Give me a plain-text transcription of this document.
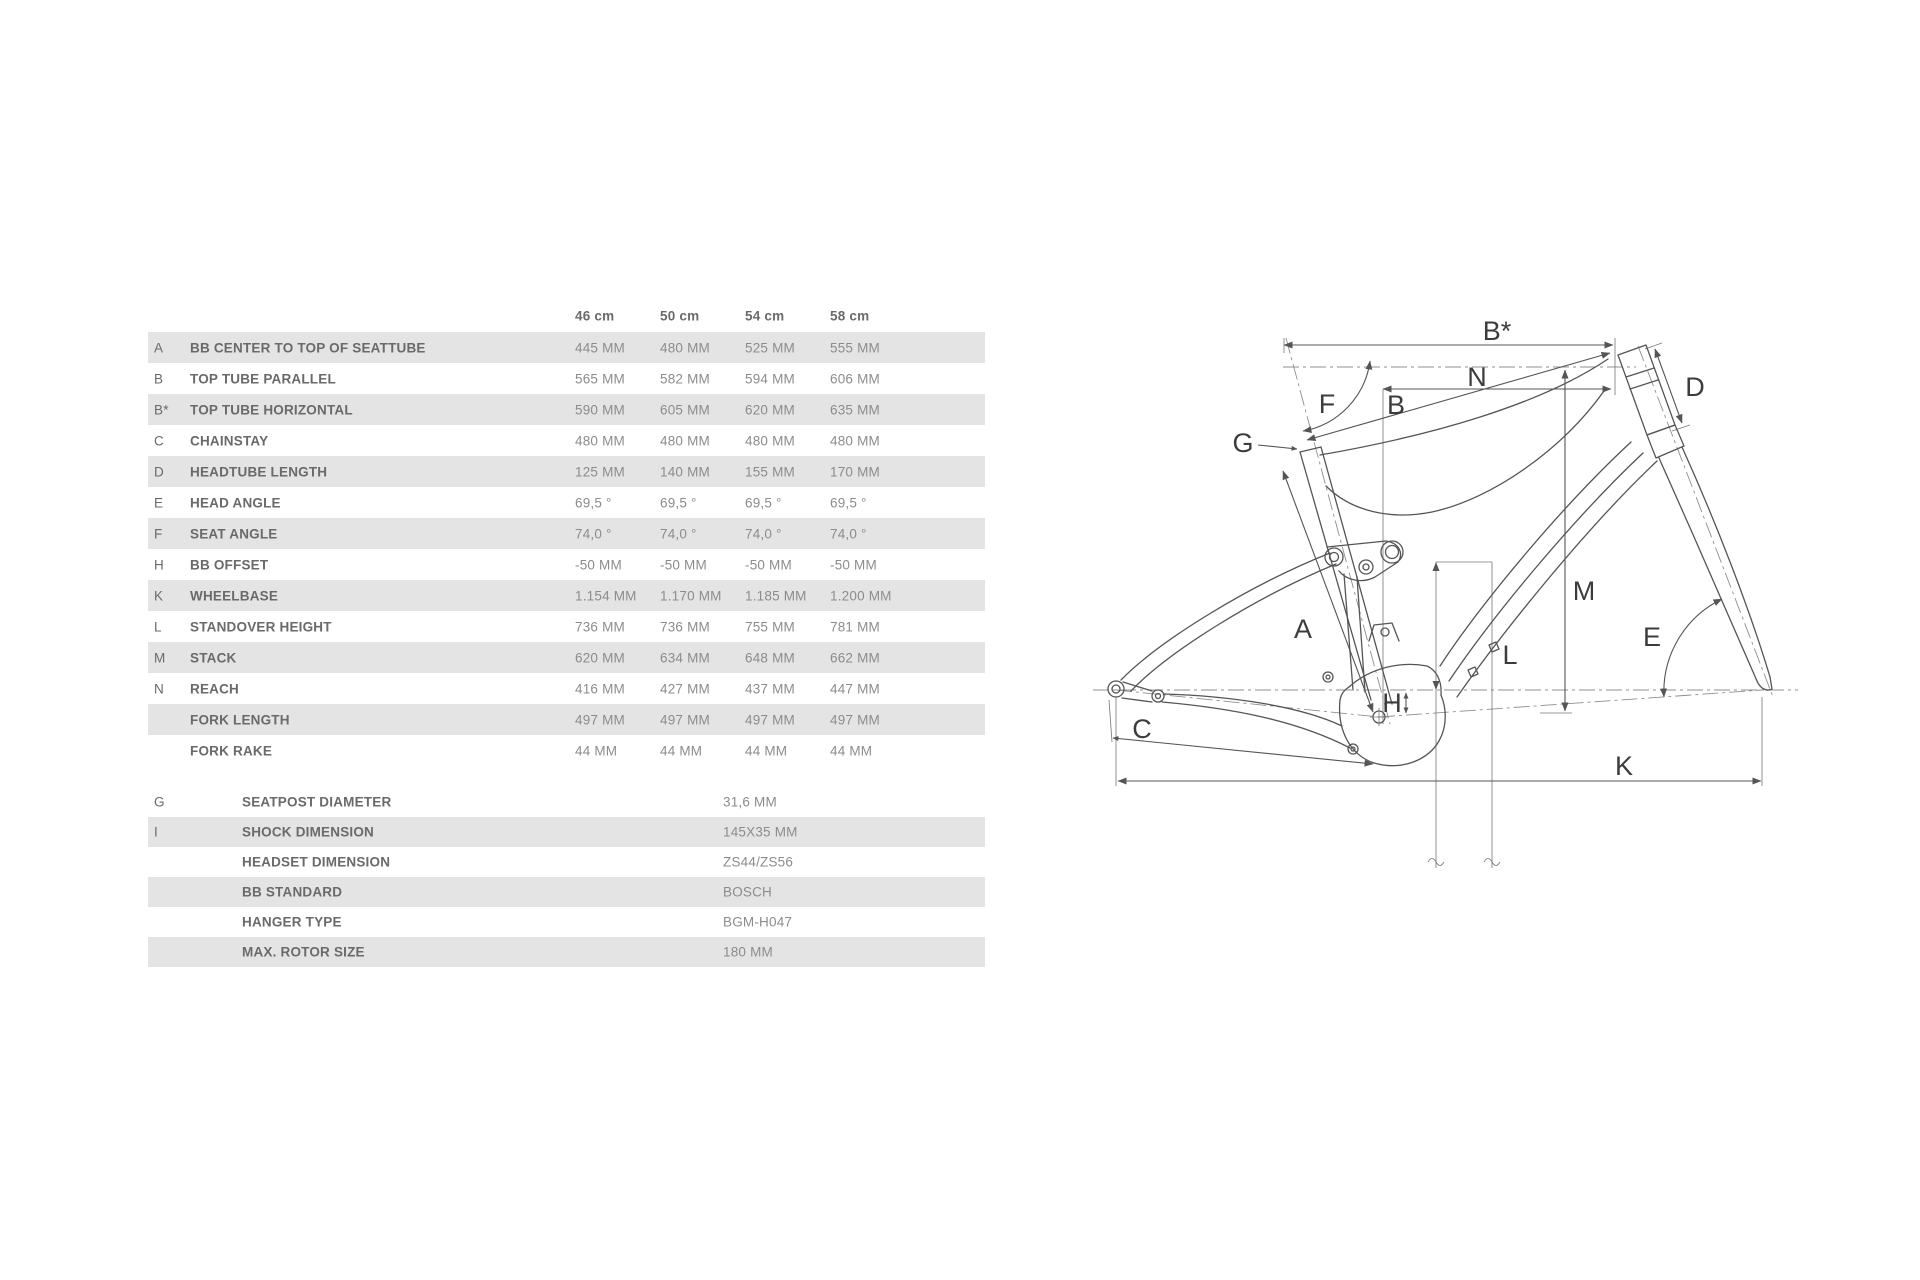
46 cm	50 cm	54 cm	58 cm
A BB CENTER TO TOP OF SEATTUBE	445 MM	480 MM	525 MM	555 MM
B TOP TUBE PARALLEL	565 MM	582 MM	594 MM	606 MM
B* TOP TUBE HORIZONTAL	590 MM	605 MM	620 MM	635 MM
C CHAINSTAY	480 MM	480 MM	480 MM	480 MM
D HEADTUBE LENGTH	125 MM	140 MM	155 MM	170 MM
E HEAD ANGLE	69,5 °	69,5 °	69,5 °	69,5 °
F SEAT ANGLE	74,0 °	74,0 °	74,0 °	74,0 °
H BB OFFSET	-50 MM	-50 MM	-50 MM	-50 MM
K WHEELBASE	1.154 MM 1.170 MM 1.185 MM 1.200 MM
L STANDOVER HEIGHT	736 MM	736 MM	755 MM	781 MM
M STACK	620 MM	634 MM	648 MM	662 MM
N REACH	416 MM	427 MM	437 MM	447 MM
FORK LENGTH	497 MM	497 MM	497 MM	497 MM
FORK RAKE	44 MM	44 MM	44 MM	44 MM
G	SEATPOST DIAMETER	31,6 MM
I	SHOCK DIMENSION	145X35 MM
HEADSET DIMENSION	ZS44/ZS56
BB STANDARD	BOSCH
HANGER TYPE	BGM-H047
MAX. ROTOR SIZE	180 MM
B*
N
B
F
G
D
M
L
E
A
H
C
K
